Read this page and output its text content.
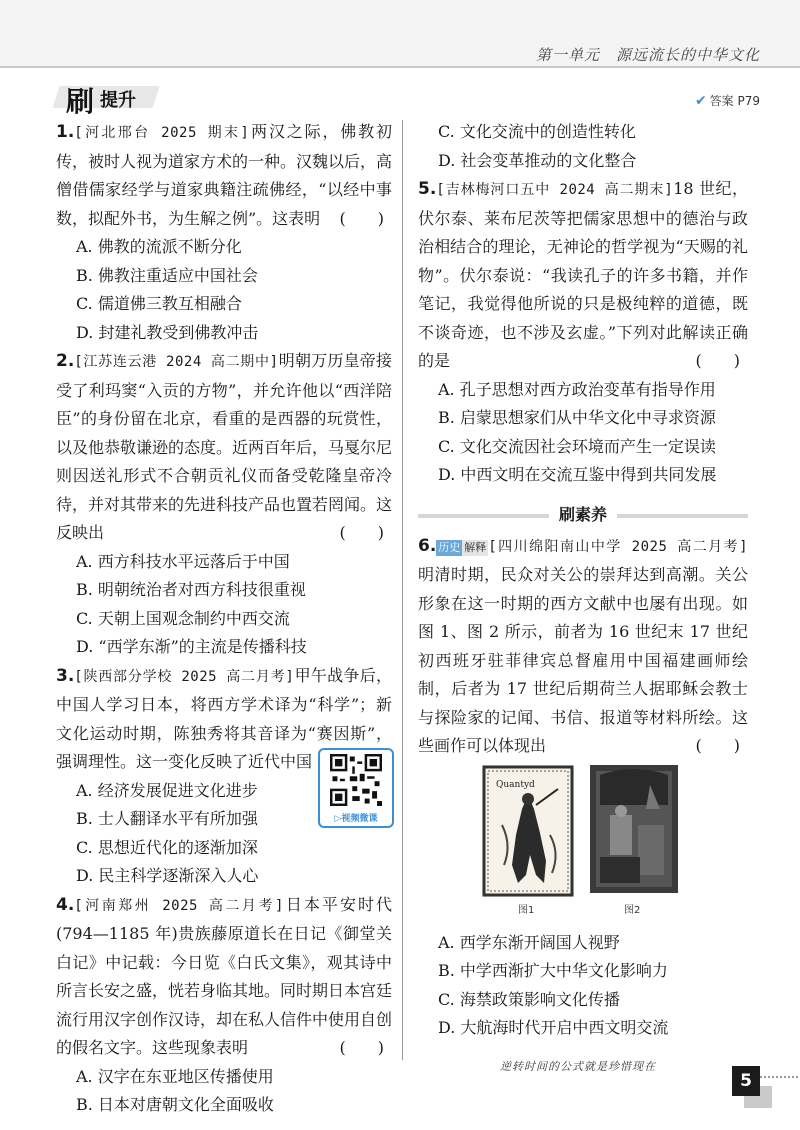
第一单元　源远流长的中华文化
刷 提升	✔ 答案 P79
1.[河北邢台 2025 期末]两汉之际，佛教初传，被时人视为道家方术的一种。汉魏以后，高僧借儒家经学与道家典籍注疏佛经，“以经中事数，拟配外书，为生解之例”。这表明 (　　)
A. 佛教的流派不断分化
B. 佛教注重适应中国社会
C. 儒道佛三教互相融合
D. 封建礼教受到佛教冲击
2.[江苏连云港 2024 高二期中]明朝万历皇帝接受了利玛窦“入贡的方物”，并允许他以“西洋陪臣”的身份留在北京，看重的是西器的玩赏性，以及他恭敬谦逊的态度。近两百年后，马戛尔尼则因送礼形式不合朝贡礼仪而备受乾隆皇帝冷待，并对其带来的先进科技产品也置若罔闻。这反映出	(　　)
A. 西方科技水平远落后于中国
B. 明朝统治者对西方科技很重视
C. 天朝上国观念制约中西交流
D. “西学东渐”的主流是传播科技
3.[陕西部分学校 2025 高二月考]甲午战争后，中国人学习日本，将西方学术译为“科学”；新文化运动时期，陈独秀将其音译为“赛因斯”，强调理性。这一变化反映了近代中国
A. 经济发展促进文化进步
B. 士人翻译水平有所加强
C. 思想近代化的逐渐加深
D. 民主科学逐渐深入人心
4.[河南郑州 2025 高二月考]日本平安时代(794—1185 年)贵族藤原道长在日记《御堂关白记》中记载：今日览《白氏文集》，观其诗中所言长安之盛，恍若身临其地。同时期日本宫廷流行用汉字创作汉诗，却在私人信件中使用自创的假名文字。这些现象表明	(　　)
A. 汉字在东亚地区传播使用
B. 日本对唐朝文化全面吸收
▷视频微课
C. 文化交流中的创造性转化
D. 社会变革推动的文化整合
5.[吉林梅河口五中 2024 高二期末]18 世纪，伏尔泰、莱布尼茨等把儒家思想中的德治与政治相结合的理论，无神论的哲学视为“天赐的礼物”。伏尔泰说：“我读孔子的许多书籍，并作笔记，我觉得他所说的只是极纯粹的道德，既不谈奇迹，也不涉及玄虚。”下列对此解读正确的是	(　　)
A. 孔子思想对西方政治变革有指导作用
B. 启蒙思想家们从中华文化中寻求资源
C. 文化交流因社会环境而产生一定误读
D. 中西文明在交流互鉴中得到共同发展
刷素养
6. 历史 解释 [四川绵阳南山中学 2025 高二月考]明清时期，民众对关公的崇拜达到高潮。关公形象在这一时期的西方文献中也屡有出现。如图 1、图 2 所示，前者为 16 世纪末 17 世纪初西班牙驻菲律宾总督雇用中国福建画师绘制，后者为 17 世纪后期荷兰人据耶稣会教士与探险家的记闻、书信、报道等材料所绘。这些画作可以体现出	(　　)
Quantyd
图1	图2
A. 西学东渐开阔国人视野
B. 中学西渐扩大中华文化影响力
C. 海禁政策影响文化传播
D. 大航海时代开启中西文明交流
逆转时间的公式就是珍惜现在
5
